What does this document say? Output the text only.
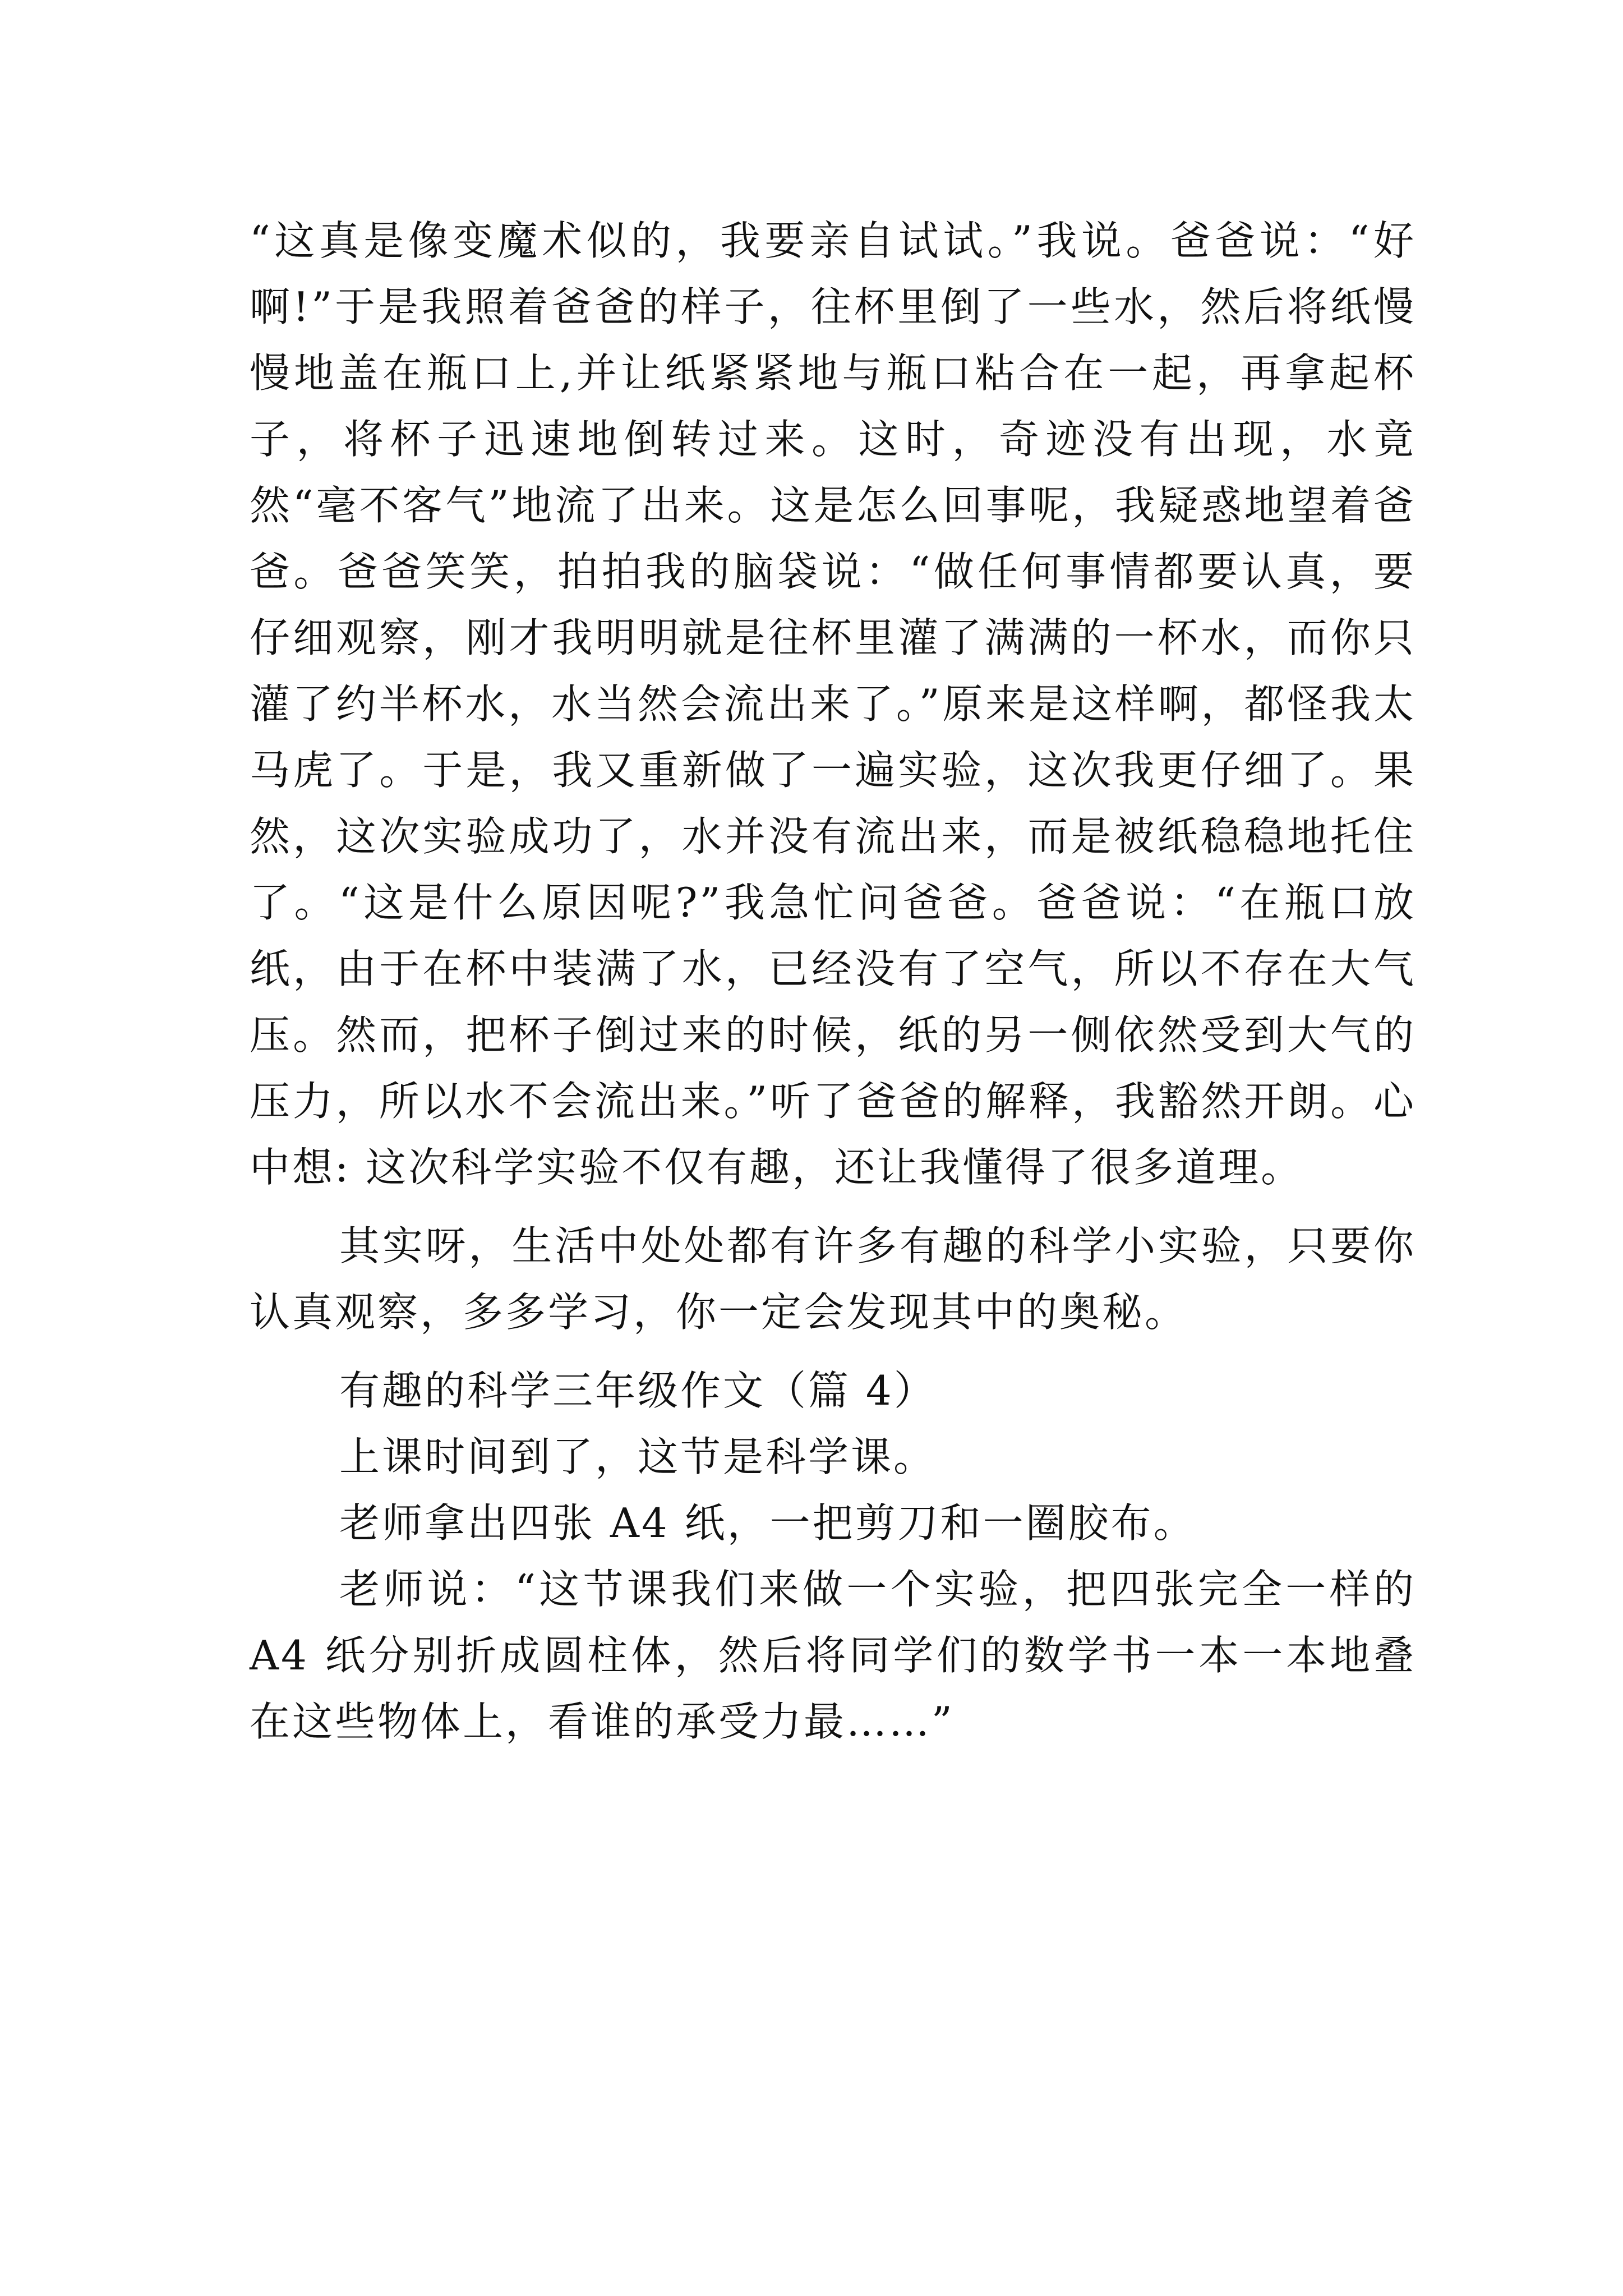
“这真是像变魔术似的，我要亲自试试。”我说。爸爸说：“好啊!”于是我照着爸爸的样子，往杯里倒了一些水，然后将纸慢慢地盖在瓶口上,并让纸紧紧地与瓶口粘合在一起，再拿起杯子，将杯子迅速地倒转过来。这时，奇迹没有出现，水竟然“毫不客气”地流了出来。这是怎么回事呢，我疑惑地望着爸爸。爸爸笑笑，拍拍我的脑袋说：“做任何事情都要认真，要仔细观察，刚才我明明就是往杯里灌了满满的一杯水，而你只灌了约半杯水，水当然会流出来了。”原来是这样啊，都怪我太马虎了。于是，我又重新做了一遍实验，这次我更仔细了。果然，这次实验成功了，水并没有流出来，而是被纸稳稳地托住了。“这是什么原因呢?”我急忙问爸爸。爸爸说：“在瓶口放纸，由于在杯中装满了水，已经没有了空气，所以不存在大气压。然而，把杯子倒过来的时候，纸的另一侧依然受到大气的压力，所以水不会流出来。”听了爸爸的解释，我豁然开朗。心中想: 这次科学实验不仅有趣，还让我懂得了很多道理。

其实呀，生活中处处都有许多有趣的科学小实验，只要你认真观察，多多学习，你一定会发现其中的奥秘。

有趣的科学三年级作文（篇 4）

上课时间到了，这节是科学课。

老师拿出四张 A4 纸，一把剪刀和一圈胶布。

老师说：“这节课我们来做一个实验，把四张完全一样的 A4 纸分别折成圆柱体，然后将同学们的数学书一本一本地叠在这些物体上，看谁的承受力最……”
